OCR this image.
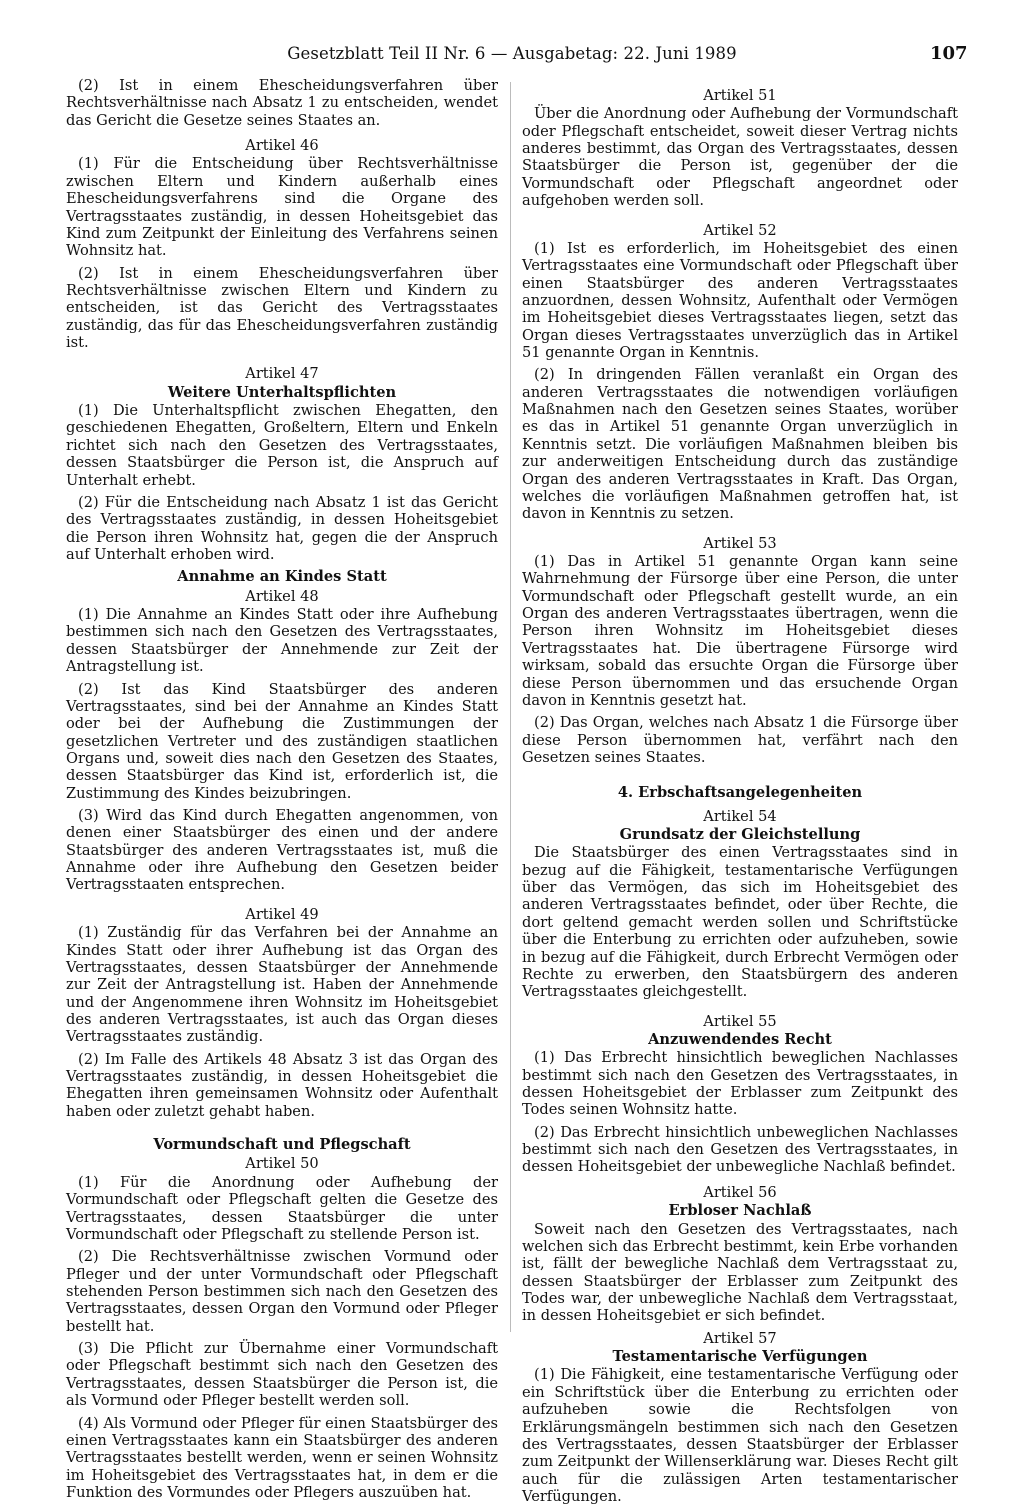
Gesetzblatt Teil II Nr. 6 — Ausgabetag: 22. Juni 1989	107

(2) Ist in einem Ehescheidungsverfahren über Rechtsverhältnisse nach Absatz 1 zu entscheiden, wendet das Gericht die Gesetze seines Staates an.

Artikel 46

(1) Für die Entscheidung über Rechtsverhältnisse zwischen Eltern und Kindern außerhalb eines Ehescheidungsverfahrens sind die Organe des Vertragsstaates zuständig, in dessen Hoheitsgebiet das Kind zum Zeitpunkt der Einleitung des Verfahrens seinen Wohnsitz hat.

(2) Ist in einem Ehescheidungsverfahren über Rechtsverhältnisse zwischen Eltern und Kindern zu entscheiden, ist das Gericht des Vertragsstaates zuständig, das für das Ehescheidungsverfahren zuständig ist.

Artikel 47
Weitere Unterhaltspflichten

(1) Die Unterhaltspflicht zwischen Ehegatten, den geschiedenen Ehegatten, Großeltern, Eltern und Enkeln richtet sich nach den Gesetzen des Vertragsstaates, dessen Staatsbürger die Person ist, die Anspruch auf Unterhalt erhebt.

(2) Für die Entscheidung nach Absatz 1 ist das Gericht des Vertragsstaates zuständig, in dessen Hoheitsgebiet die Person ihren Wohnsitz hat, gegen die der Anspruch auf Unterhalt erhoben wird.

Annahme an Kindes Statt
Artikel 48

(1) Die Annahme an Kindes Statt oder ihre Aufhebung bestimmen sich nach den Gesetzen des Vertragsstaates, dessen Staatsbürger der Annehmende zur Zeit der Antragstellung ist.

(2) Ist das Kind Staatsbürger des anderen Vertragsstaates, sind bei der Annahme an Kindes Statt oder bei der Aufhebung die Zustimmungen der gesetzlichen Vertreter und des zuständigen staatlichen Organs und, soweit dies nach den Gesetzen des Staates, dessen Staatsbürger das Kind ist, erforderlich ist, die Zustimmung des Kindes beizubringen.

(3) Wird das Kind durch Ehegatten angenommen, von denen einer Staatsbürger des einen und der andere Staatsbürger des anderen Vertragsstaates ist, muß die Annahme oder ihre Aufhebung den Gesetzen beider Vertragsstaaten entsprechen.

Artikel 49

(1) Zuständig für das Verfahren bei der Annahme an Kindes Statt oder ihrer Aufhebung ist das Organ des Vertragsstaates, dessen Staatsbürger der Annehmende zur Zeit der Antragstellung ist. Haben der Annehmende und der Angenommene ihren Wohnsitz im Hoheitsgebiet des anderen Vertragsstaates, ist auch das Organ dieses Vertragsstaates zuständig.

(2) Im Falle des Artikels 48 Absatz 3 ist das Organ des Vertragsstaates zuständig, in dessen Hoheitsgebiet die Ehegatten ihren gemeinsamen Wohnsitz oder Aufenthalt haben oder zuletzt gehabt haben.

Vormundschaft und Pflegschaft
Artikel 50

(1) Für die Anordnung oder Aufhebung der Vormundschaft oder Pflegschaft gelten die Gesetze des Vertragsstaates, dessen Staatsbürger die unter Vormundschaft oder Pflegschaft zu stellende Person ist.

(2) Die Rechtsverhältnisse zwischen Vormund oder Pfleger und der unter Vormundschaft oder Pflegschaft stehenden Person bestimmen sich nach den Gesetzen des Vertragsstaates, dessen Organ den Vormund oder Pfleger bestellt hat.

(3) Die Pflicht zur Übernahme einer Vormundschaft oder Pflegschaft bestimmt sich nach den Gesetzen des Vertragsstaates, dessen Staatsbürger die Person ist, die als Vormund oder Pfleger bestellt werden soll.

(4) Als Vormund oder Pfleger für einen Staatsbürger des einen Vertragsstaates kann ein Staatsbürger des anderen Vertragsstaates bestellt werden, wenn er seinen Wohnsitz im Hoheitsgebiet des Vertragsstaates hat, in dem er die Funktion des Vormundes oder Pflegers auszuüben hat.

Artikel 51

Über die Anordnung oder Aufhebung der Vormundschaft oder Pflegschaft entscheidet, soweit dieser Vertrag nichts anderes bestimmt, das Organ des Vertragsstaates, dessen Staatsbürger die Person ist, gegenüber der die Vormundschaft oder Pflegschaft angeordnet oder aufgehoben werden soll.

Artikel 52

(1) Ist es erforderlich, im Hoheitsgebiet des einen Vertragsstaates eine Vormundschaft oder Pflegschaft über einen Staatsbürger des anderen Vertragsstaates anzuordnen, dessen Wohnsitz, Aufenthalt oder Vermögen im Hoheitsgebiet dieses Vertragsstaates liegen, setzt das Organ dieses Vertragsstaates unverzüglich das in Artikel 51 genannte Organ in Kenntnis.

(2) In dringenden Fällen veranlaßt ein Organ des anderen Vertragsstaates die notwendigen vorläufigen Maßnahmen nach den Gesetzen seines Staates, worüber es das in Artikel 51 genannte Organ unverzüglich in Kenntnis setzt. Die vorläufigen Maßnahmen bleiben bis zur anderweitigen Entscheidung durch das zuständige Organ des anderen Vertragsstaates in Kraft. Das Organ, welches die vorläufigen Maßnahmen getroffen hat, ist davon in Kenntnis zu setzen.

Artikel 53

(1) Das in Artikel 51 genannte Organ kann seine Wahrnehmung der Fürsorge über eine Person, die unter Vormundschaft oder Pflegschaft gestellt wurde, an ein Organ des anderen Vertragsstaates übertragen, wenn die Person ihren Wohnsitz im Hoheitsgebiet dieses Vertragsstaates hat. Die übertragene Fürsorge wird wirksam, sobald das ersuchte Organ die Fürsorge über diese Person übernommen und das ersuchende Organ davon in Kenntnis gesetzt hat.

(2) Das Organ, welches nach Absatz 1 die Fürsorge über diese Person übernommen hat, verfährt nach den Gesetzen seines Staates.

4. Erbschaftsangelegenheiten
Artikel 54
Grundsatz der Gleichstellung

Die Staatsbürger des einen Vertragsstaates sind in bezug auf die Fähigkeit, testamentarische Verfügungen über das Vermögen, das sich im Hoheitsgebiet des anderen Vertragsstaates befindet, oder über Rechte, die dort geltend gemacht werden sollen und Schriftstücke über die Enterbung zu errichten oder aufzuheben, sowie in bezug auf die Fähigkeit, durch Erbrecht Vermögen oder Rechte zu erwerben, den Staatsbürgern des anderen Vertragsstaates gleichgestellt.

Artikel 55
Anzuwendendes Recht

(1) Das Erbrecht hinsichtlich beweglichen Nachlasses bestimmt sich nach den Gesetzen des Vertragsstaates, in dessen Hoheitsgebiet der Erblasser zum Zeitpunkt des Todes seinen Wohnsitz hatte.

(2) Das Erbrecht hinsichtlich unbeweglichen Nachlasses bestimmt sich nach den Gesetzen des Vertragsstaates, in dessen Hoheitsgebiet der unbewegliche Nachlaß befindet.

Artikel 56
Erbloser Nachlaß

Soweit nach den Gesetzen des Vertragsstaates, nach welchen sich das Erbrecht bestimmt, kein Erbe vorhanden ist, fällt der bewegliche Nachlaß dem Vertragsstaat zu, dessen Staatsbürger der Erblasser zum Zeitpunkt des Todes war, der unbewegliche Nachlaß dem Vertragsstaat, in dessen Hoheitsgebiet er sich befindet.

Artikel 57
Testamentarische Verfügungen

(1) Die Fähigkeit, eine testamentarische Verfügung oder ein Schriftstück über die Enterbung zu errichten oder aufzuheben sowie die Rechtsfolgen von Erklärungsmängeln bestimmen sich nach den Gesetzen des Vertragsstaates, dessen Staatsbürger der Erblasser zum Zeitpunkt der Willenserklärung war. Dieses Recht gilt auch für die zulässigen Arten testamentarischer Verfügungen.
